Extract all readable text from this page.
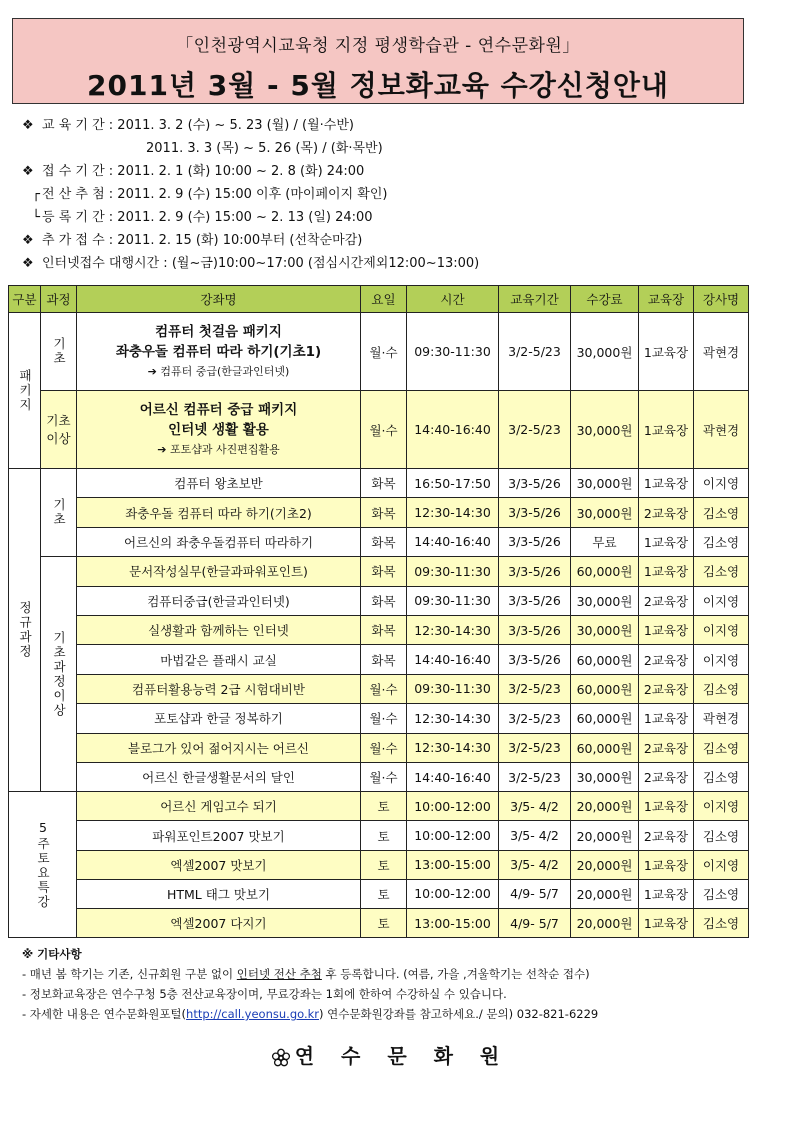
「인천광역시교육청 지정 평생학습관 - 연수문화원」
2011년 3월 - 5월 정보화교육 수강신청안내
❖ 교 육 기 간 : 2011. 3. 2 (수) ~ 5. 23 (월) / (월·수반)
2011. 3. 3 (목) ~ 5. 26 (목) / (화·목반)
❖ 접 수 기 간 : 2011. 2. 1 (화) 10:00 ~ 2. 8 (화) 24:00
┌ 전 산 추 첨 : 2011. 2. 9 (수) 15:00 이후 (마이페이지 확인)
└ 등 록 기 간 : 2011. 2. 9 (수) 15:00 ~ 2. 13 (일) 24:00
❖ 추 가 접 수 : 2011. 2. 15 (화) 10:00부터 (선착순마감)
❖ 인터넷접수 대행시간 : (월~금)10:00~17:00 (점심시간제외12:00~13:00)
구분	과정	강좌명	요일	시간	교육기간	수강료	교육장	강사명
패키지	기초	컴퓨터 첫걸음 패키지
좌충우돌 컴퓨터 따라 하기(기초1)
➔ 컴퓨터 중급(한글과인터넷)	월·수	09:30-11:30	3/2-5/23	30,000원	1교육장	곽현경
	기초이상	어르신 컴퓨터 중급 패키지
인터넷 생활 활용
➔ 포토샵과 사진편집활용	월·수	14:40-16:40	3/2-5/23	30,000원	1교육장	곽현경
정규과정	기초	컴퓨터 왕초보반	화목	16:50-17:50	3/3-5/26	30,000원	1교육장	이지영
		좌충우돌 컴퓨터 따라 하기(기초2)	화목	12:30-14:30	3/3-5/26	30,000원	2교육장	김소영
		어르신의 좌충우돌컴퓨터 따라하기	화목	14:40-16:40	3/3-5/26	무료	1교육장	김소영
	기초과정이상	문서작성실무(한글과파워포인트)	화목	09:30-11:30	3/3-5/26	60,000원	1교육장	김소영
		컴퓨터중급(한글과인터넷)	화목	09:30-11:30	3/3-5/26	30,000원	2교육장	이지영
		실생활과 함께하는 인터넷	화목	12:30-14:30	3/3-5/26	30,000원	1교육장	이지영
		마법같은 플래시 교실	화목	14:40-16:40	3/3-5/26	60,000원	2교육장	이지영
		컴퓨터활용능력 2급 시험대비반	월·수	09:30-11:30	3/2-5/23	60,000원	2교육장	김소영
		포토샵과 한글 정복하기	월·수	12:30-14:30	3/2-5/23	60,000원	1교육장	곽현경
		블로그가 있어 젊어지시는 어르신	월·수	12:30-14:30	3/2-5/23	60,000원	2교육장	김소영
		어르신 한글생활문서의 달인	월·수	14:40-16:40	3/2-5/23	30,000원	2교육장	김소영
5주토요특강		어르신 게임고수 되기	토	10:00-12:00	3/5- 4/2	20,000원	1교육장	이지영
		파워포인트2007 맛보기	토	10:00-12:00	3/5- 4/2	20,000원	2교육장	김소영
		엑셀2007 맛보기	토	13:00-15:00	3/5- 4/2	20,000원	1교육장	이지영
		HTML 태그 맛보기	토	10:00-12:00	4/9- 5/7	20,000원	1교육장	김소영
		엑셀2007 다지기	토	13:00-15:00	4/9- 5/7	20,000원	1교육장	김소영
※ 기타사항
- 매년 봄 학기는 기존, 신규회원 구분 없이 인터넷 전산 추첨 후 등록합니다. (여름, 가을 ,겨울학기는 선착순 접수)
- 정보화교육장은 연수구청 5층 전산교육장이며, 무료강좌는 1회에 한하여 수강하실 수 있습니다.
- 자세한 내용은 연수문화원포털(http://call.yeonsu.go.kr) 연수문화원강좌를 참고하세요./ 문의) 032-821-6229
연 수 문 화 원
